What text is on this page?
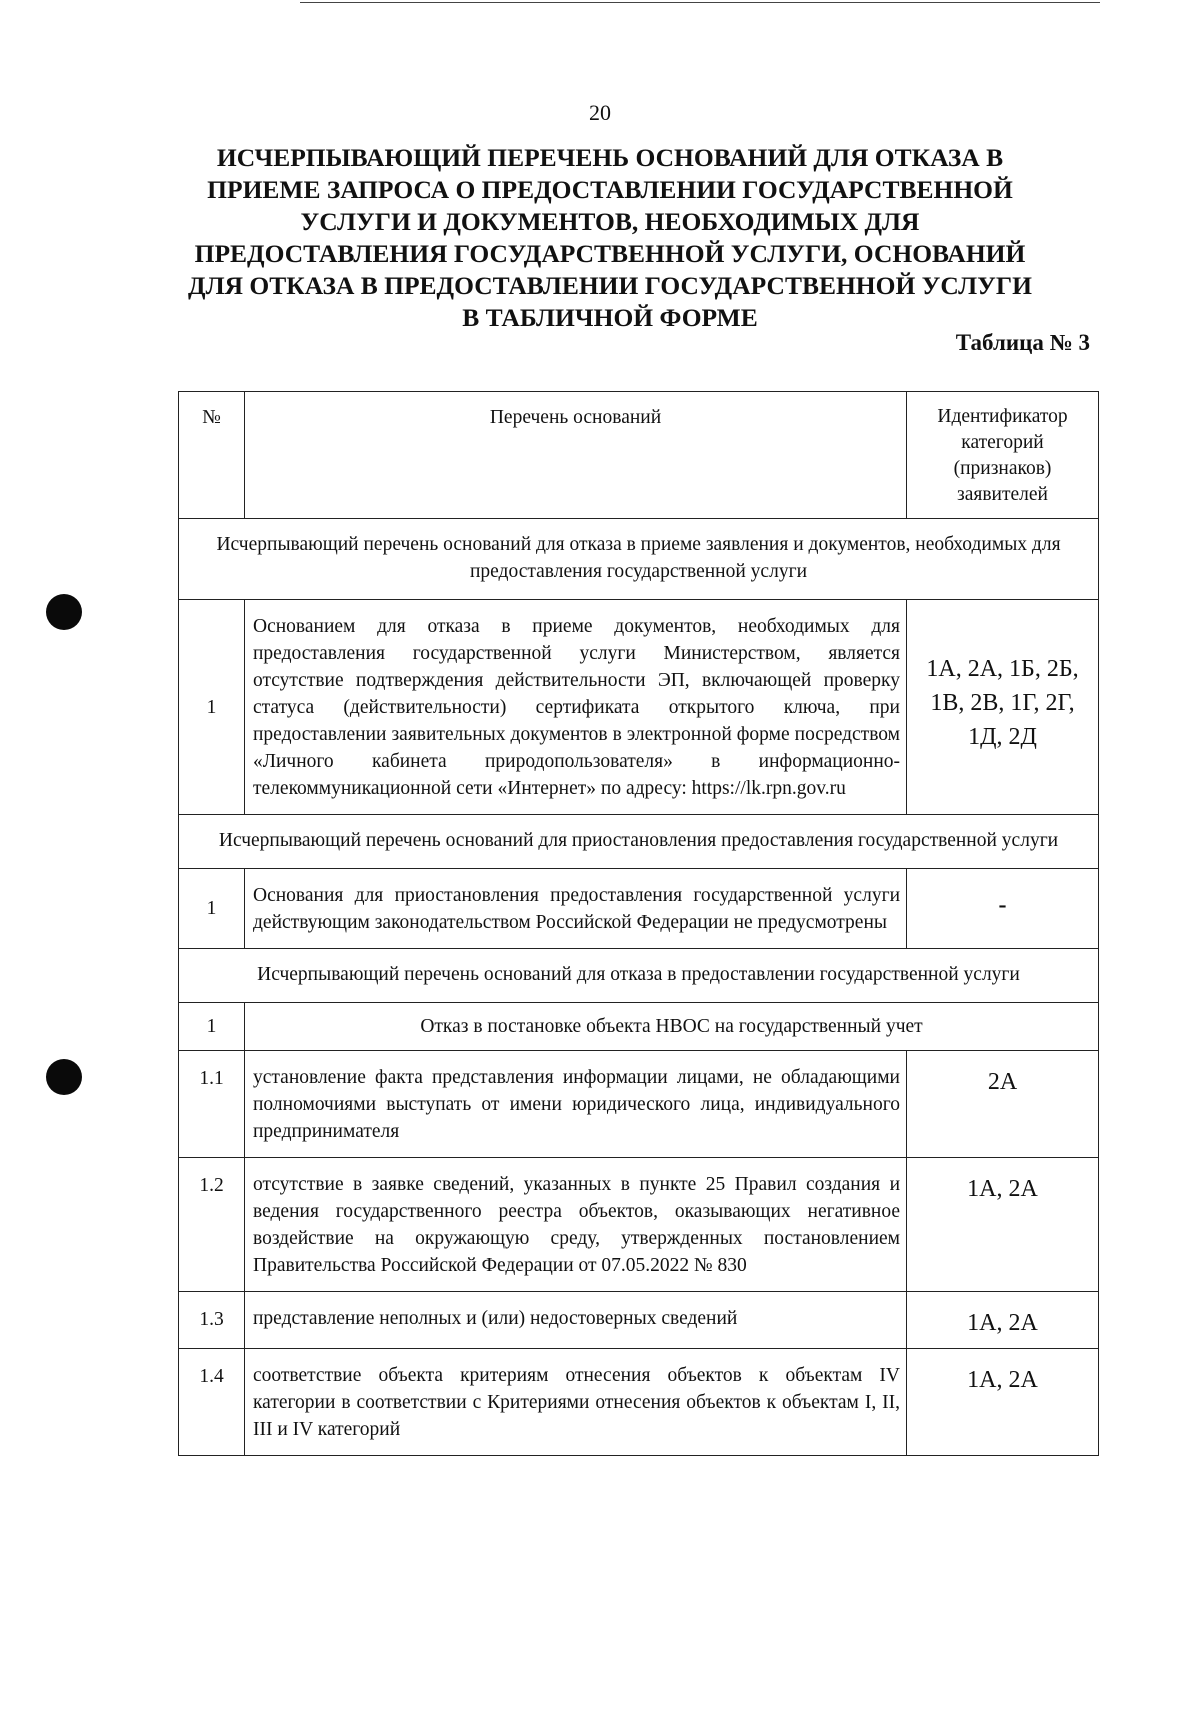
20
ИСЧЕРПЫВАЮЩИЙ ПЕРЕЧЕНЬ ОСНОВАНИЙ ДЛЯ ОТКАЗА В
ПРИЕМЕ ЗАПРОСА О ПРЕДОСТАВЛЕНИИ ГОСУДАРСТВЕННОЙ
УСЛУГИ И ДОКУМЕНТОВ, НЕОБХОДИМЫХ ДЛЯ
ПРЕДОСТАВЛЕНИЯ ГОСУДАРСТВЕННОЙ УСЛУГИ, ОСНОВАНИЙ
ДЛЯ ОТКАЗА В ПРЕДОСТАВЛЕНИИ ГОСУДАРСТВЕННОЙ УСЛУГИ
В ТАБЛИЧНОЙ ФОРМЕ
Таблица № 3
№	Перечень оснований	Идентификатор категорий (признаков) заявителей
Исчерпывающий перечень оснований для отказа в приеме заявления и документов, необходимых для предоставления государственной услуги		
1	Основанием для отказа в приеме документов, необходимых для предоставления государственной услуги Министерством, является отсутствие подтверждения действительности ЭП, включающей проверку статуса (действительности) сертификата открытого ключа, при предоставлении заявительных документов в электронной форме посредством «Личного кабинета природопользователя» в информационно-телекоммуникационной сети «Интернет» по адресу: https://lk.rpn.gov.ru	1А, 2А, 1Б, 2Б, 1В, 2В, 1Г, 2Г, 1Д, 2Д
Исчерпывающий перечень оснований для приостановления предоставления государственной услуги		
1	Основания для приостановления предоставления государственной услуги действующим законодательством Российской Федерации не предусмотрены	-
Исчерпывающий перечень оснований для отказа в предоставлении государственной услуги		
1	Отказ в постановке объекта НВОС на государственный учет	
1.1	установление факта представления информации лицами, не обладающими полномочиями выступать от имени юридического лица, индивидуального предпринимателя	2А
1.2	отсутствие в заявке сведений, указанных в пункте 25 Правил создания и ведения государственного реестра объектов, оказывающих негативное воздействие на окружающую среду, утвержденных постановлением Правительства Российской Федерации от 07.05.2022 № 830	1А, 2А
1.3	представление неполных и (или) недостоверных сведений	1А, 2А
1.4	соответствие объекта критериям отнесения объектов к объектам IV категории в соответствии с Критериями отнесения объектов к объектам I, II, III и IV категорий	1А, 2А
